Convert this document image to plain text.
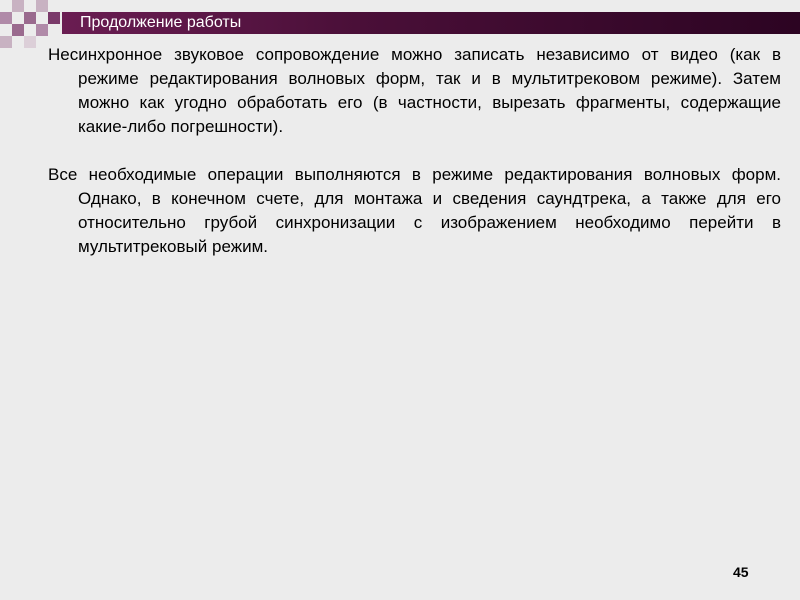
Продолжение работы

Несинхронное звуковое сопровождение можно записать независимо от видео (как в режиме редактирования волновых форм, так и в мультитрековом режиме). Затем можно как угодно обработать его (в частности, вырезать фрагменты, содержащие какие-либо погрешности).

Все необходимые операции выполняются в режиме редактирования волновых форм. Однако, в конечном счете, для монтажа и сведения саундтрека, а также для его относительно грубой синхронизации с изображением необходимо перейти в мультитрековый режим.

45
